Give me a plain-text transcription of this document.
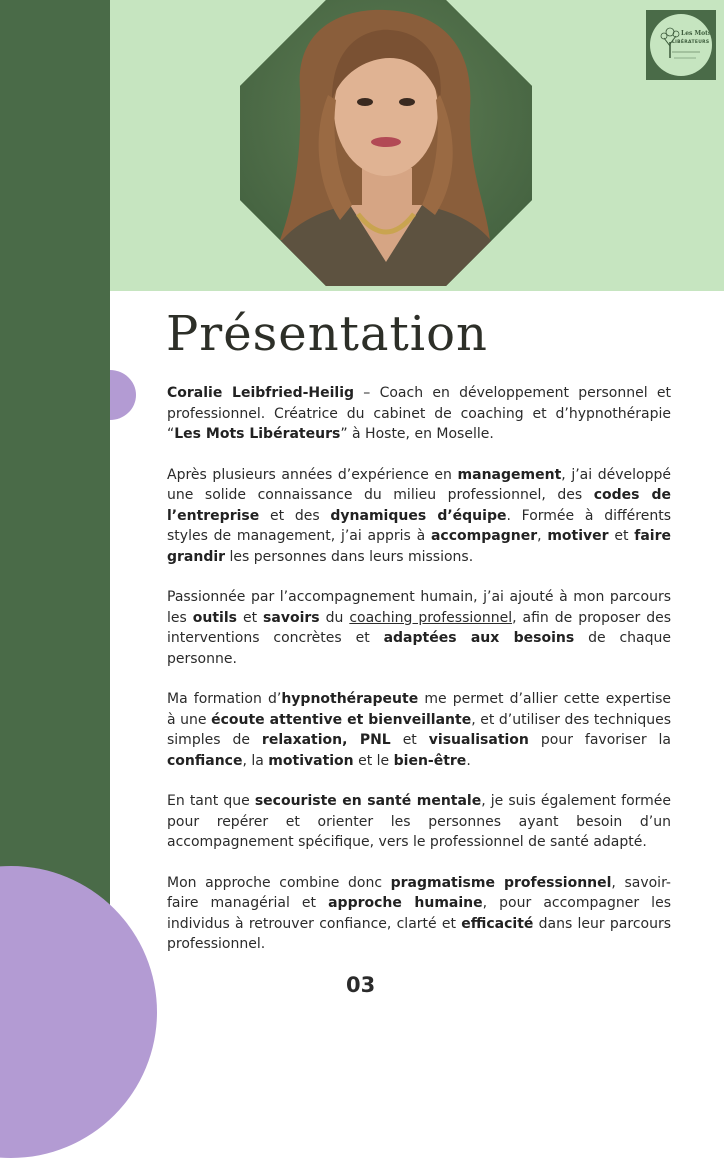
Les Mots
LIBÉRATEURS
Présentation

Coralie Leibfried-Heilig – Coach en développement personnel et professionnel. Créatrice du cabinet de coaching et d’hypnothérapie “Les Mots Libérateurs” à Hoste, en Moselle.

Après plusieurs années d’expérience en management, j’ai développé une solide connaissance du milieu professionnel, des codes de l’entreprise et des dynamiques d’équipe. Formée à différents styles de management, j’ai appris à accompagner, motiver et faire grandir les personnes dans leurs missions.

Passionnée par l’accompagnement humain, j’ai ajouté à mon parcours les outils et savoirs du coaching professionnel, afin de proposer des interventions concrètes et adaptées aux besoins de chaque personne.

Ma formation d’hypnothérapeute me permet d’allier cette expertise à une écoute attentive et bienveillante, et d’utiliser des techniques simples de relaxation, PNL et visualisation pour favoriser la confiance, la motivation et le bien-être.

En tant que secouriste en santé mentale, je suis également formée pour repérer et orienter les personnes ayant besoin d’un accompagnement spécifique, vers le professionnel de santé adapté.

Mon approche combine donc pragmatisme professionnel, savoir-faire managérial et approche humaine, pour accompagner les individus à retrouver confiance, clarté et efficacité dans leur parcours professionnel.

03
